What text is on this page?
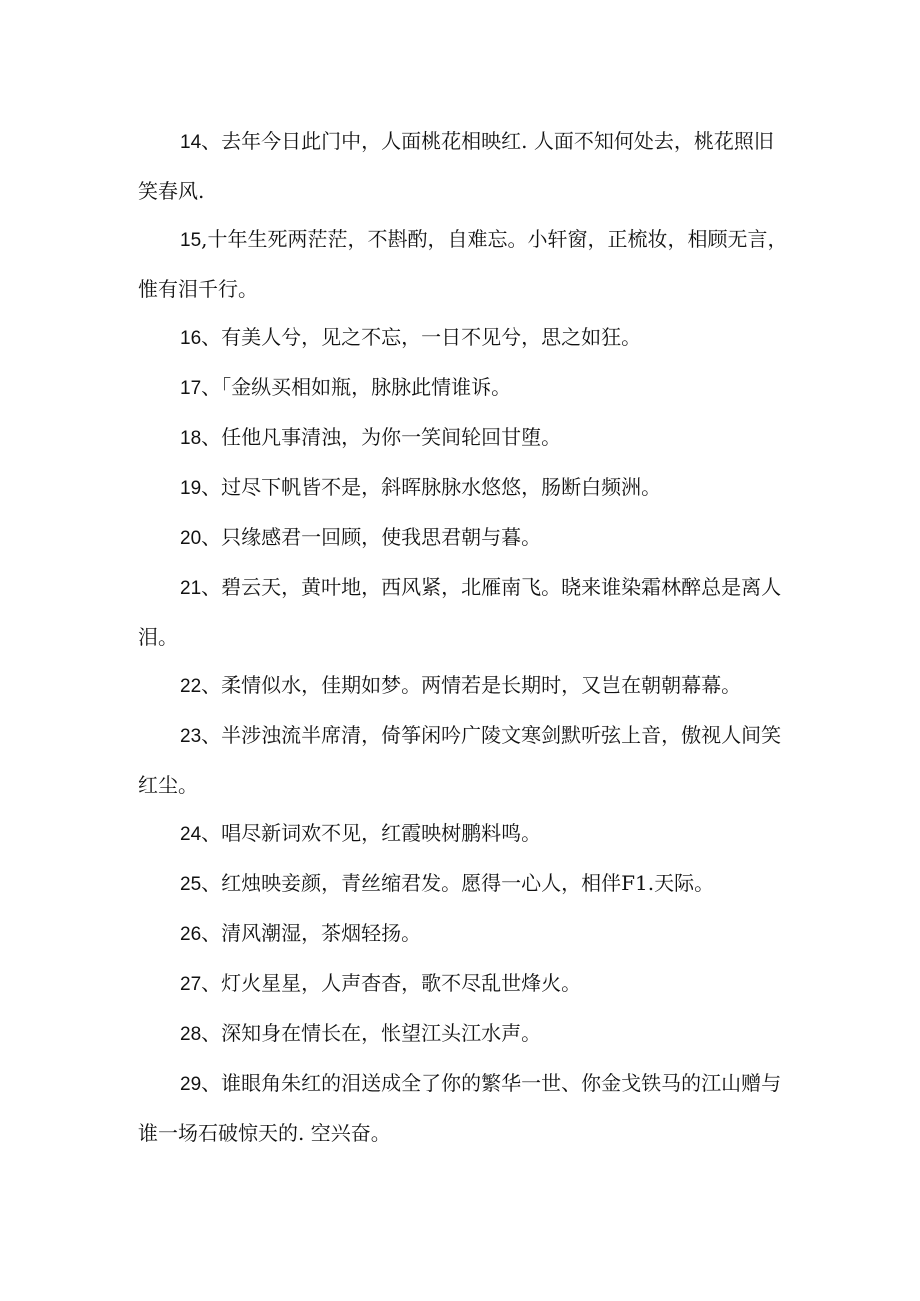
14、去年今日此门中，人面桃花相映红. 人面不知何处去，桃花照旧笑春风.

15,十年生死两茫茫，不斟酌，自难忘。小轩窗，正梳妆，相顾无言，惟有泪千行。

16、有美人兮，见之不忘，一日不见兮，思之如狂。

17、「金纵买相如瓶，脉脉此情谁诉。

18、任他凡事清浊，为你一笑间轮回甘堕。

19、过尽下帆皆不是，斜晖脉脉水悠悠，肠断白频洲。

20、只缘感君一回顾，使我思君朝与暮。

21、碧云天，黄叶地，西风紧，北雁南飞。晓来谁染霜林醉总是离人泪。

22、柔情似水，佳期如梦。两情若是长期时，又岂在朝朝幕幕。

23、半涉浊流半席清，倚筝闲吟广陵文寒剑默听弦上音，傲视人间笑红尘。

24、唱尽新词欢不见，红霞映树鹏料鸣。

25、红烛映妾颜，青丝缩君发。愿得一心人，相伴F1.天际。

26、清风潮湿，茶烟轻扬。

27、灯火星星，人声杳杳，歌不尽乱世烽火。

28、深知身在情长在，怅望江头江水声。

29、谁眼角朱红的泪送成全了你的繁华一世、你金戈铁马的江山赠与谁一场石破惊天的. 空兴奋。
